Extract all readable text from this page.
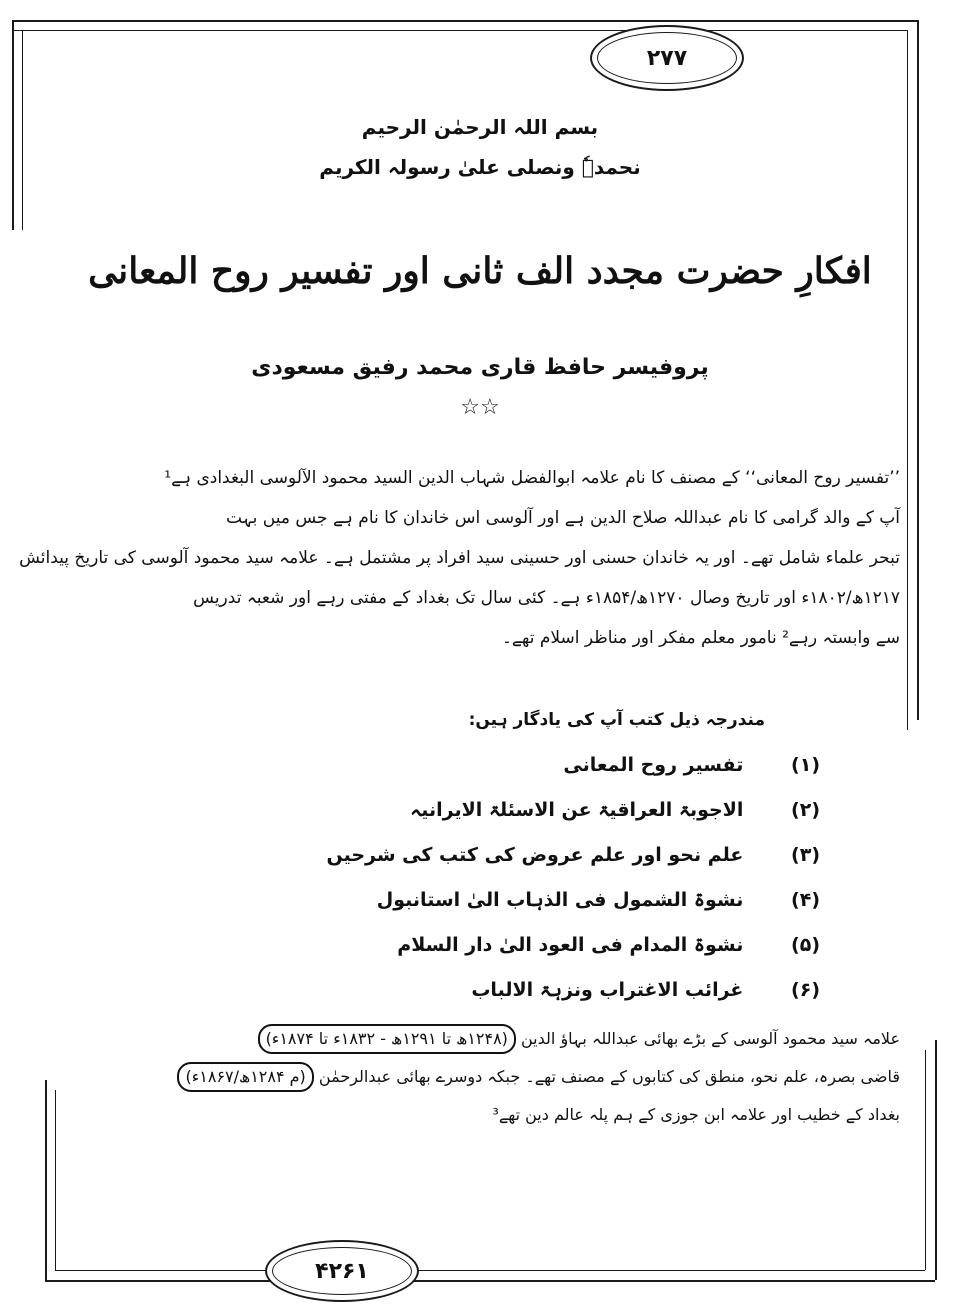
۲۷۷
۴۲۶۱
بسم اللہ الرحمٰن الرحیم
نحمدہٗ ونصلی علیٰ رسولہ الکریم
افکارِ حضرت مجدد الف ثانی اور تفسیر روح المعانی
پروفیسر حافظ قاری محمد رفیق مسعودی
☆☆
’’تفسیر روح المعانی‘‘ کے مصنف کا نام علامہ ابوالفضل شہاب الدین السید محمود الآلوسی البغدادی ہے¹
آپ کے والد گرامی کا نام عبداللہ صلاح الدین ہے اور آلوسی اس خاندان کا نام ہے جس میں بہت
تبحر علماء شامل تھے۔ اور یہ خاندان حسنی اور حسینی سید افراد پر مشتمل ہے۔ علامہ سید محمود آلوسی کی تاریخ پیدائش
۱۲۱۷ھ/۱۸۰۲ء اور تاریخ وصال ۱۲۷۰ھ/۱۸۵۴ء ہے۔ کئی سال تک بغداد کے مفتی رہے اور شعبہ تدریس
سے وابستہ رہے² نامور معلم مفکر اور مناظر اسلام تھے۔
مندرجہ ذیل کتب آپ کی یادگار ہیں:
(۱) تفسیر روح المعانی
(۲) الاجوبۃ العراقیۃ عن الاسئلۃ الایرانیہ
(۳) علم نحو اور علم عروض کی کتب کی شرحیں
(۴) نشوۃ الشمول فی الذہاب الیٰ استانبول
(۵) نشوۃ المدام فی العود الیٰ دار السلام
(۶) غرائب الاغتراب ونزہۃ الالباب
علامہ سید محمود آلوسی کے بڑے بھائی عبداللہ بہاؤ الدین (۱۲۴۸ھ تا ۱۲۹۱ھ - ۱۸۳۲ء تا ۱۸۷۴ء)
قاضی بصرہ، علم نحو، منطق کی کتابوں کے مصنف تھے۔ جبکہ دوسرے بھائی عبدالرحمٰن (م ۱۲۸۴ھ/۱۸۶۷ء)
بغداد کے خطیب اور علامہ ابن جوزی کے ہم پلہ عالم دین تھے³
